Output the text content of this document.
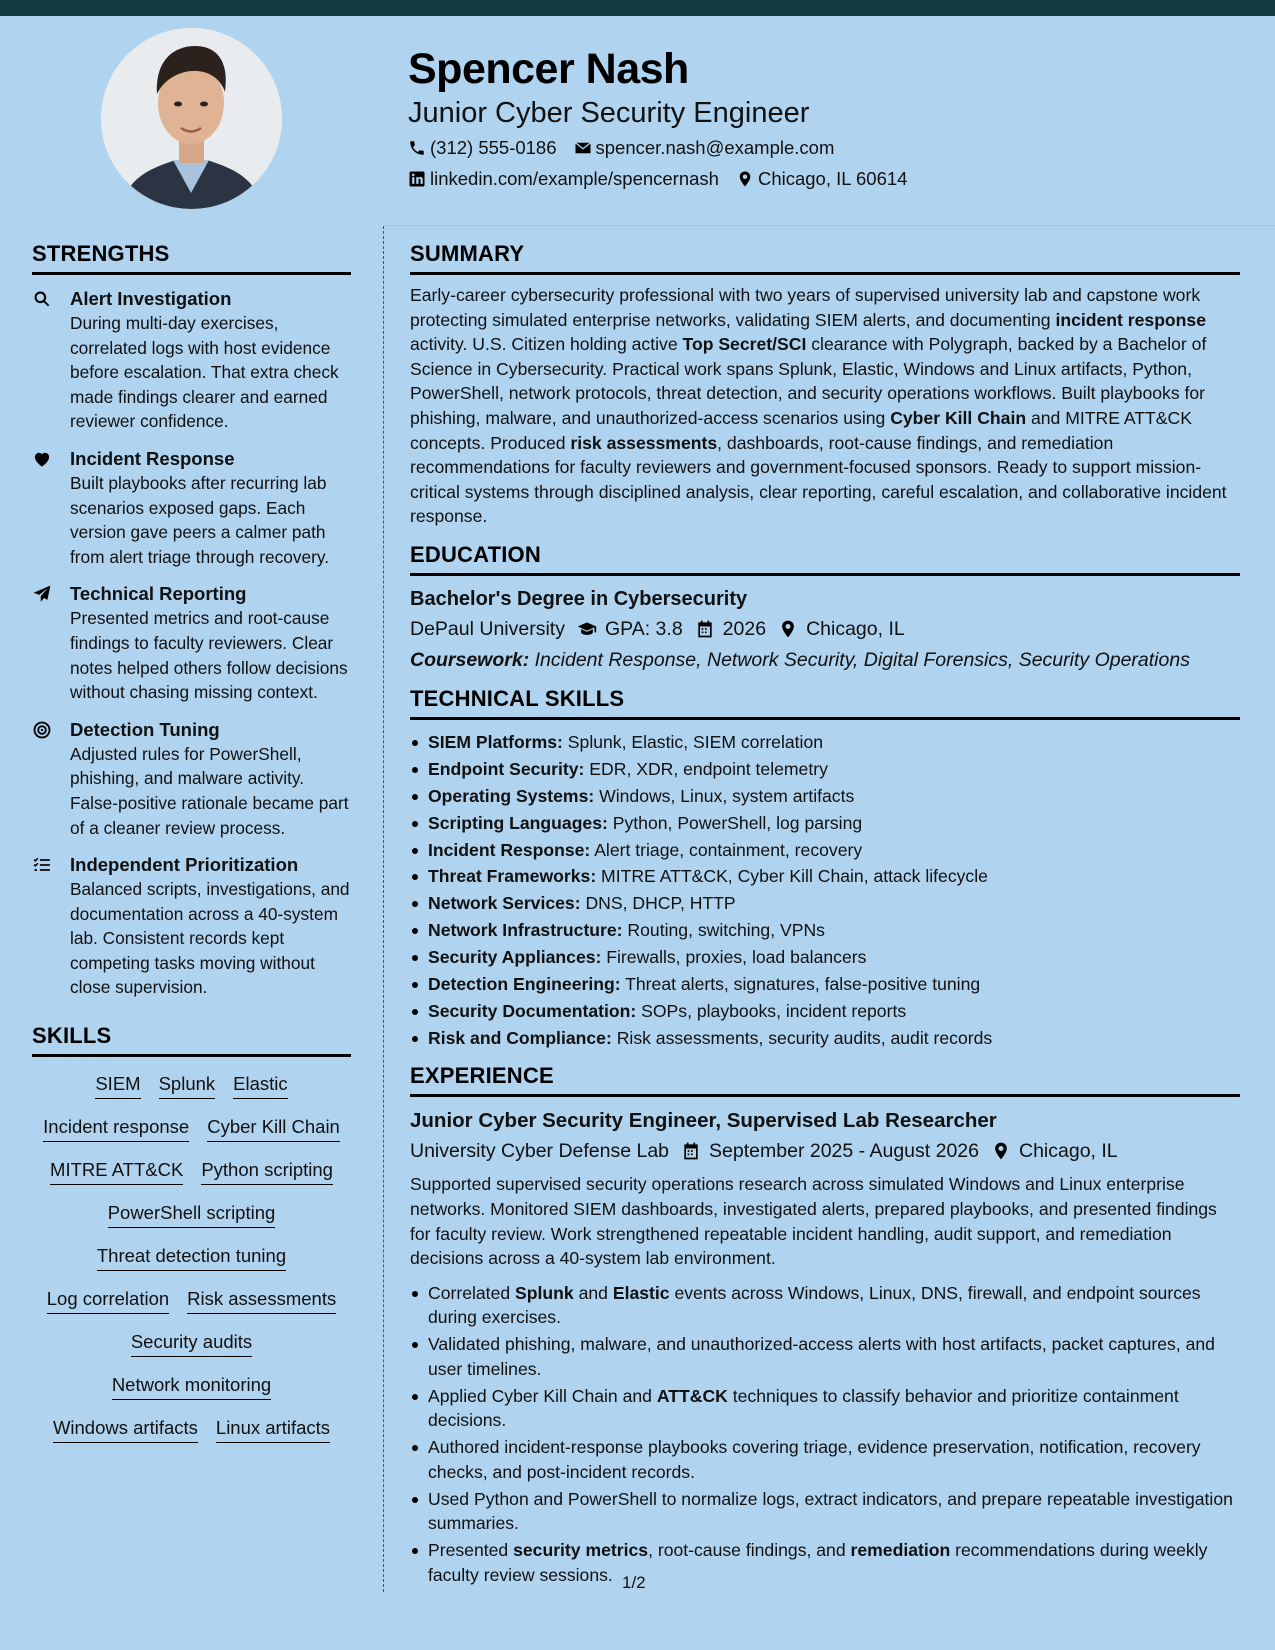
Spencer Nash
Junior Cyber Security Engineer
(312) 555-0186 spencer.nash@example.com
linkedin.com/example/spencernash Chicago, IL 60614
STRENGTHS
Alert Investigation
During multi-day exercises, correlated logs with host evidence before escalation. That extra check made findings clearer and earned reviewer confidence.
Incident Response
Built playbooks after recurring lab scenarios exposed gaps. Each version gave peers a calmer path from alert triage through recovery.
Technical Reporting
Presented metrics and root-cause findings to faculty reviewers. Clear notes helped others follow decisions without chasing missing context.
Detection Tuning
Adjusted rules for PowerShell, phishing, and malware activity. False-positive rationale became part of a cleaner review process.
Independent Prioritization
Balanced scripts, investigations, and documentation across a 40-system lab. Consistent records kept competing tasks moving without close supervision.
SKILLS
SIEM Splunk Elastic
Incident response Cyber Kill Chain
MITRE ATT&CK Python scripting
PowerShell scripting
Threat detection tuning
Log correlation Risk assessments
Security audits
Network monitoring
Windows artifacts Linux artifacts
SUMMARY
Early-career cybersecurity professional with two years of supervised university lab and capstone work protecting simulated enterprise networks, validating SIEM alerts, and documenting incident response activity. U.S. Citizen holding active Top Secret/SCI clearance with Polygraph, backed by a Bachelor of Science in Cybersecurity. Practical work spans Splunk, Elastic, Windows and Linux artifacts, Python, PowerShell, network protocols, threat detection, and security operations workflows. Built playbooks for phishing, malware, and unauthorized-access scenarios using Cyber Kill Chain and MITRE ATT&CK concepts. Produced risk assessments, dashboards, root-cause findings, and remediation recommendations for faculty reviewers and government-focused sponsors. Ready to support mission-critical systems through disciplined analysis, clear reporting, careful escalation, and collaborative incident response.
EDUCATION
Bachelor's Degree in Cybersecurity
DePaul University GPA: 3.8 2026 Chicago, IL
Coursework: Incident Response, Network Security, Digital Forensics, Security Operations
TECHNICAL SKILLS
SIEM Platforms: Splunk, Elastic, SIEM correlation
Endpoint Security: EDR, XDR, endpoint telemetry
Operating Systems: Windows, Linux, system artifacts
Scripting Languages: Python, PowerShell, log parsing
Incident Response: Alert triage, containment, recovery
Threat Frameworks: MITRE ATT&CK, Cyber Kill Chain, attack lifecycle
Network Services: DNS, DHCP, HTTP
Network Infrastructure: Routing, switching, VPNs
Security Appliances: Firewalls, proxies, load balancers
Detection Engineering: Threat alerts, signatures, false-positive tuning
Security Documentation: SOPs, playbooks, incident reports
Risk and Compliance: Risk assessments, security audits, audit records
EXPERIENCE
Junior Cyber Security Engineer, Supervised Lab Researcher
University Cyber Defense Lab September 2025 - August 2026 Chicago, IL
Supported supervised security operations research across simulated Windows and Linux enterprise networks. Monitored SIEM dashboards, investigated alerts, prepared playbooks, and presented findings for faculty review. Work strengthened repeatable incident handling, audit support, and remediation decisions across a 40-system lab environment.
Correlated Splunk and Elastic events across Windows, Linux, DNS, firewall, and endpoint sources during exercises.
Validated phishing, malware, and unauthorized-access alerts with host artifacts, packet captures, and user timelines.
Applied Cyber Kill Chain and ATT&CK techniques to classify behavior and prioritize containment decisions.
Authored incident-response playbooks covering triage, evidence preservation, notification, recovery checks, and post-incident records.
Used Python and PowerShell to normalize logs, extract indicators, and prepare repeatable investigation summaries.
Presented security metrics, root-cause findings, and remediation recommendations during weekly faculty review sessions. 1/2
